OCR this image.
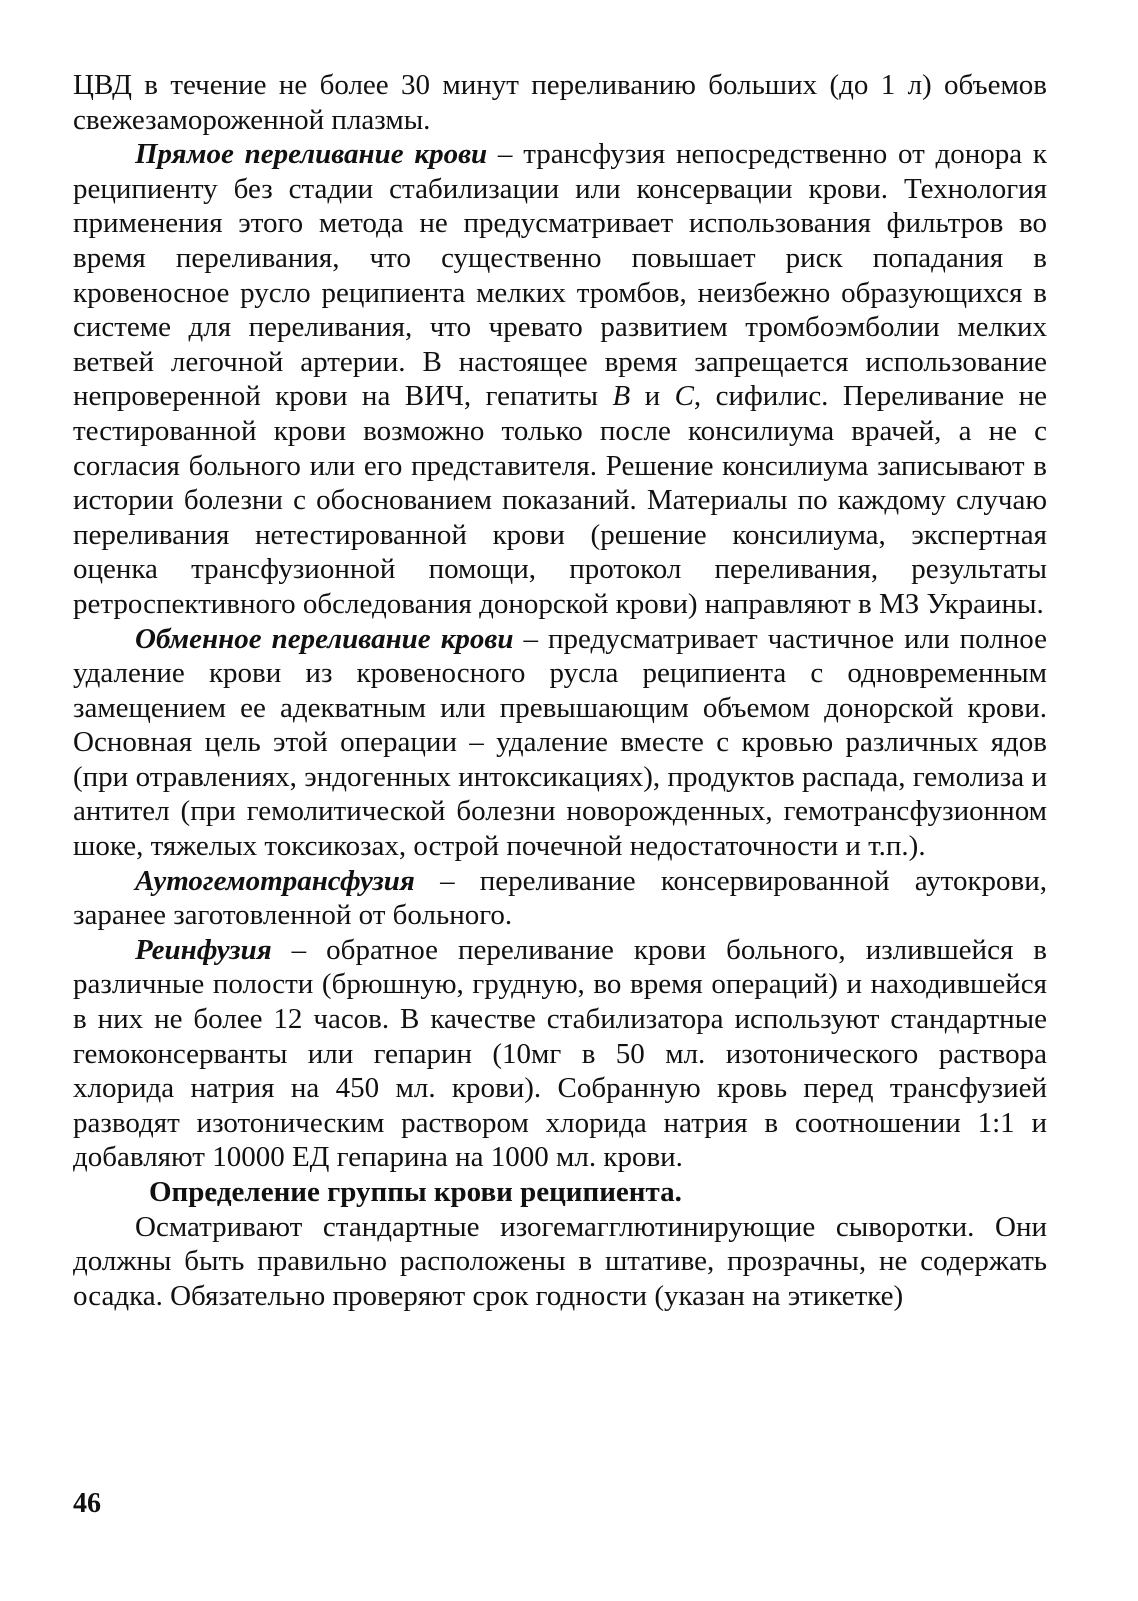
ЦВД в течение не более 30 минут переливанию больших (до 1 л) объемов свежезамороженной плазмы.

Прямое переливание крови – трансфузия непосредственно от донора к реципиенту без стадии стабилизации или консервации крови. Технология применения этого метода не предусматривает использования фильтров во время переливания, что существенно повышает риск попадания в кровеносное русло реципиента мелких тромбов, неизбежно образующихся в системе для переливания, что чревато развитием тромбоэмболии мелких ветвей легочной артерии. В настоящее время запрещается использование непроверенной крови на ВИЧ, гепатиты В и С, сифилис. Переливание не тестированной крови возможно только после консилиума врачей, а не с согласия больного или его представителя. Решение консилиума записывают в истории болезни с обоснованием показаний. Материалы по каждому случаю переливания нетестированной крови (решение консилиума, экспертная оценка трансфузионной помощи, протокол переливания, результаты ретроспективного обследования донорской крови) направляют в МЗ Украины.

Обменное переливание крови – предусматривает частичное или полное удаление крови из кровеносного русла реципиента с одновременным замещением ее адекватным или превышающим объемом донорской крови. Основная цель этой операции – удаление вместе с кровью различных ядов (при отравлениях, эндогенных интоксикациях), продуктов распада, гемолиза и антител (при гемолитической болезни новорожденных, гемотрансфузионном шоке, тяжелых токсикозах, острой почечной недостаточности и т.п.).

Аутогемотрансфузия – переливание консервированной аутокрови, заранее заготовленной от больного.

Реинфузия – обратное переливание крови больного, излившейся в различные полости (брюшную, грудную, во время операций) и находившейся в них не более 12 часов. В качестве стабилизатора используют стандартные гемоконсерванты или гепарин (10мг в 50 мл. изотонического раствора хлорида натрия на 450 мл. крови). Собранную кровь перед трансфузией разводят изотоническим раствором хлорида натрия в соотношении 1:1 и добавляют 10000 ЕД гепарина на 1000 мл. крови.

Определение группы крови реципиента.

Осматривают стандартные изогемагглютинирующие сыворотки. Они должны быть правильно расположены в штативе, прозрачны, не содержать осадка. Обязательно проверяют срок годности (указан на этикетке)

46
